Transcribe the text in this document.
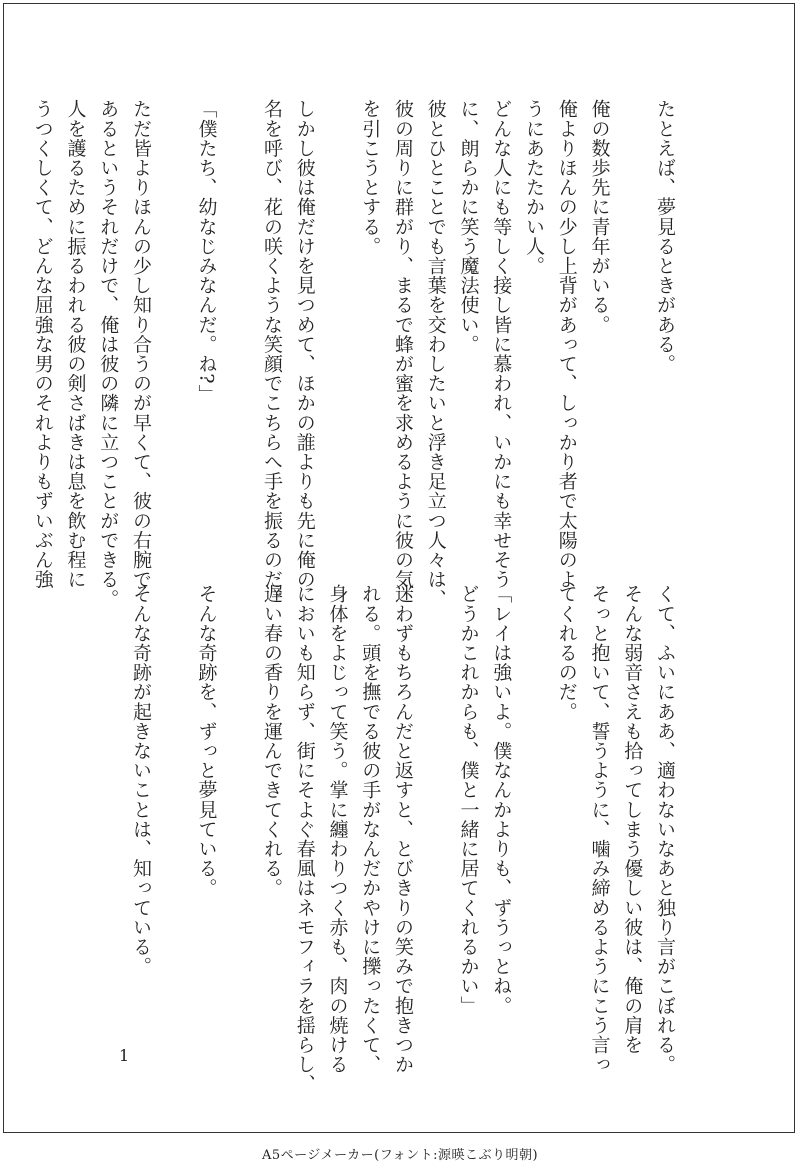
たとえば、夢見るときがある。

俺の数歩先に青年がいる。

俺よりほんの少し上背があって、しっかり者で太陽のよ

うにあたたかい人。

どんな人にも等しく接し皆に慕われ、いかにも幸せそう

に、朗らかに笑う魔法使い。

彼とひとことでも言葉を交わしたいと浮き足立つ人々は、

彼の周りに群がり、まるで蜂が蜜を求めるように彼の気

を引こうとする。

しかし彼は俺だけを見つめて、ほかの誰よりも先に俺の

名を呼び、花の咲くような笑顔でこちらへ手を振るのだ。

「僕たち、幼なじみなんだ。ね?」

ただ皆よりほんの少し知り合うのが早くて、彼の右腕で

あるというそれだけで、俺は彼の隣に立つことができる。

人を護るために振るわれる彼の剣さばきは息を飲む程に

うつくしくて、どんな屈強な男のそれよりもずいぶん強

くて、ふいにああ、適わないなあと独り言がこぼれる。

そんな弱音さえも拾ってしまう優しい彼は、俺の肩を

そっと抱いて、誓うように、噛み締めるようにこう言っ

てくれるのだ。

「レイは強いよ。僕なんかよりも、ずうっとね。

どうかこれからも、僕と一緒に居てくれるかい」

迷わずもちろんだと返すと、とびきりの笑みで抱きつか

れる。頭を撫でる彼の手がなんだかやけに擽ったくて、

身体をよじって笑う。掌に纏わりつく赤も、肉の焼ける

においも知らず、街にそよぐ春風はネモフィラを揺らし、

遅い春の香りを運んできてくれる。

そんな奇跡を、ずっと夢見ている。

そんな奇跡が起きないことは、知っている。

1
A5ページメーカー(フォント:源暎こぶり明朝)
